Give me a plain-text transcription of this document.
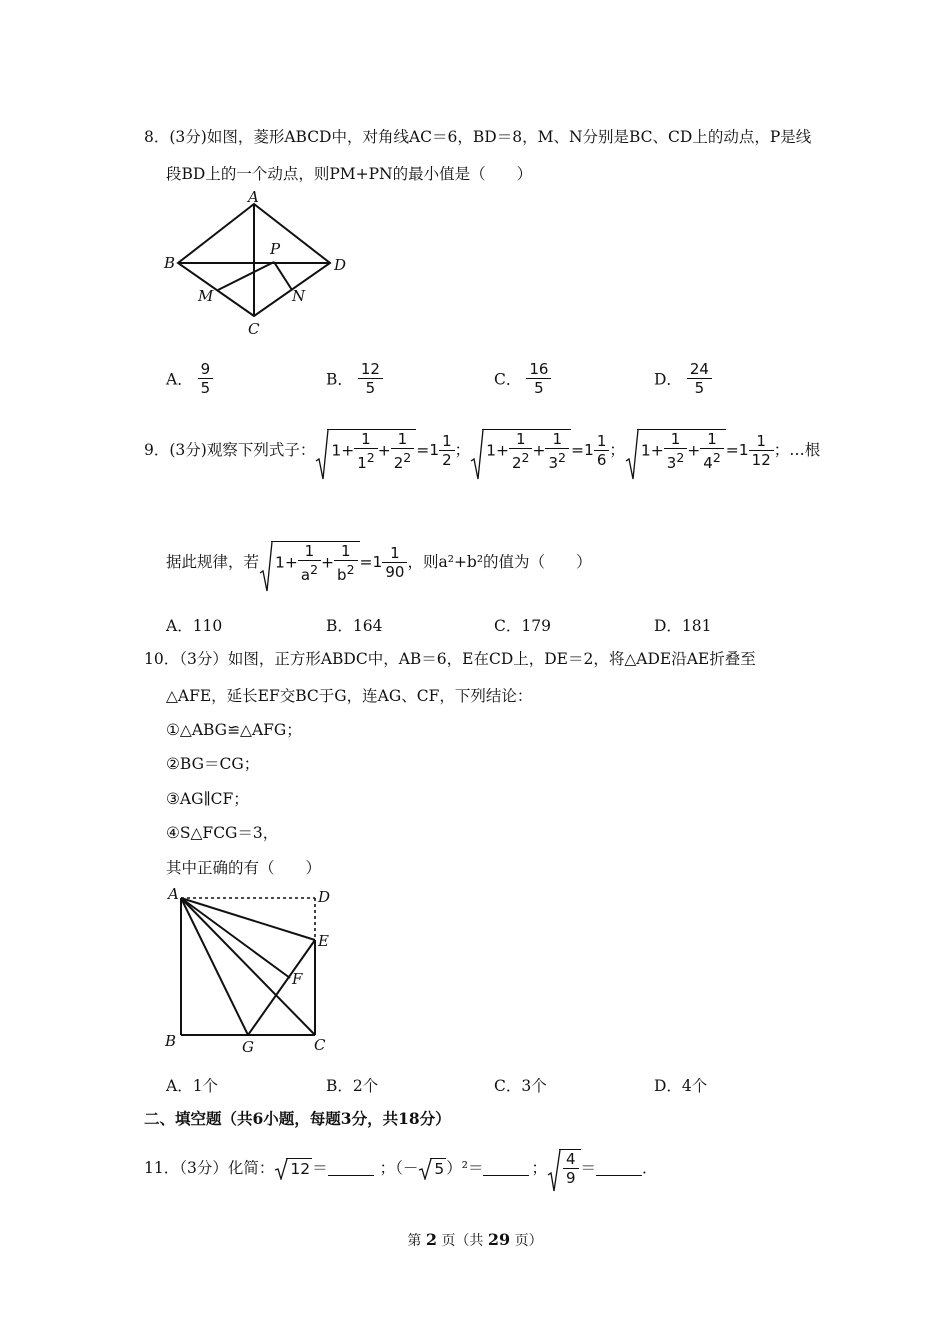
8．(3分)如图，菱形ABCD中，对角线AC＝6，BD＝8，M、N分别是BC、CD上的动点，P是线
段BD上的一个动点，则PM+PN的最小值是（　　）
A
B	D
C
P
M	N
A． $\frac{9}{5}$	B． $\frac{12}{5}$	C． $\frac{16}{5}$	D． $\frac{24}{5}$
9．(3分)观察下列式子：	$1+ \frac{1}{1^2} + \frac{1}{2^2} =1 \frac{1}{2}$ ；	$1+ \frac{1}{2^2} + \frac{1}{3^2} =1 \frac{1}{6}$ ；	$1+ \frac{1}{3^2} + \frac{1}{4^2} =1 \frac{1}{12}$ ；…根
据此规律，若	$1+ \frac{1}{a^2} + \frac{1}{b^2} =1 \frac{1}{90}$ ，则a²+b²的值为（　　）
A．110	B．164	C．179	D．181
10．（3分）如图，正方形ABDC中，AB＝6，E在CD上，DE＝2，将△ADE沿AE折叠至
△AFE，延长EF交BC于G，连AG、CF，下列结论：
①△ABG≌△AFG；
②BG＝CG；
③AG∥CF；
④S△FCG＝3，
其中正确的有（　　）
A	D
E
F
B	G	C
A．1个	B．2个	C．3个	D．4个
二、填空题（共6小题，每题3分，共18分）
11．（3分）化简：	12 ＝	；（－	5 ）²＝	； $\frac{4}{9}$ ＝	．
第 2 页（共 29 页）
